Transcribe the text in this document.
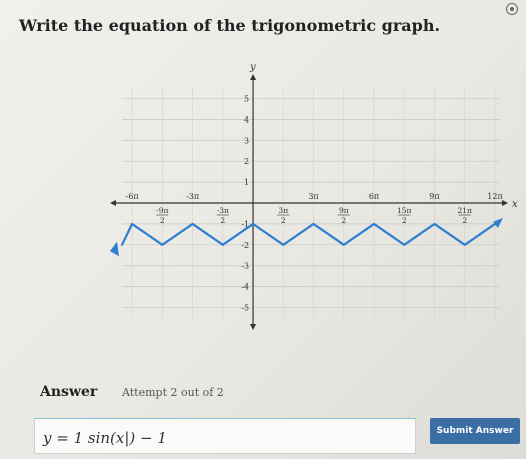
Write the equation of the trigonometric graph.
x
y
5
4
3
2
1
-1
-2
-3
-4
-5
-6π
-9π
2
-3π
-3π
2
3π
2
3π
9π
2
6π
15π
2
9π
21π
2
12π
Answer Attempt 2 out of 2
y = 1 sin(x|) − 1	Submit Answer
